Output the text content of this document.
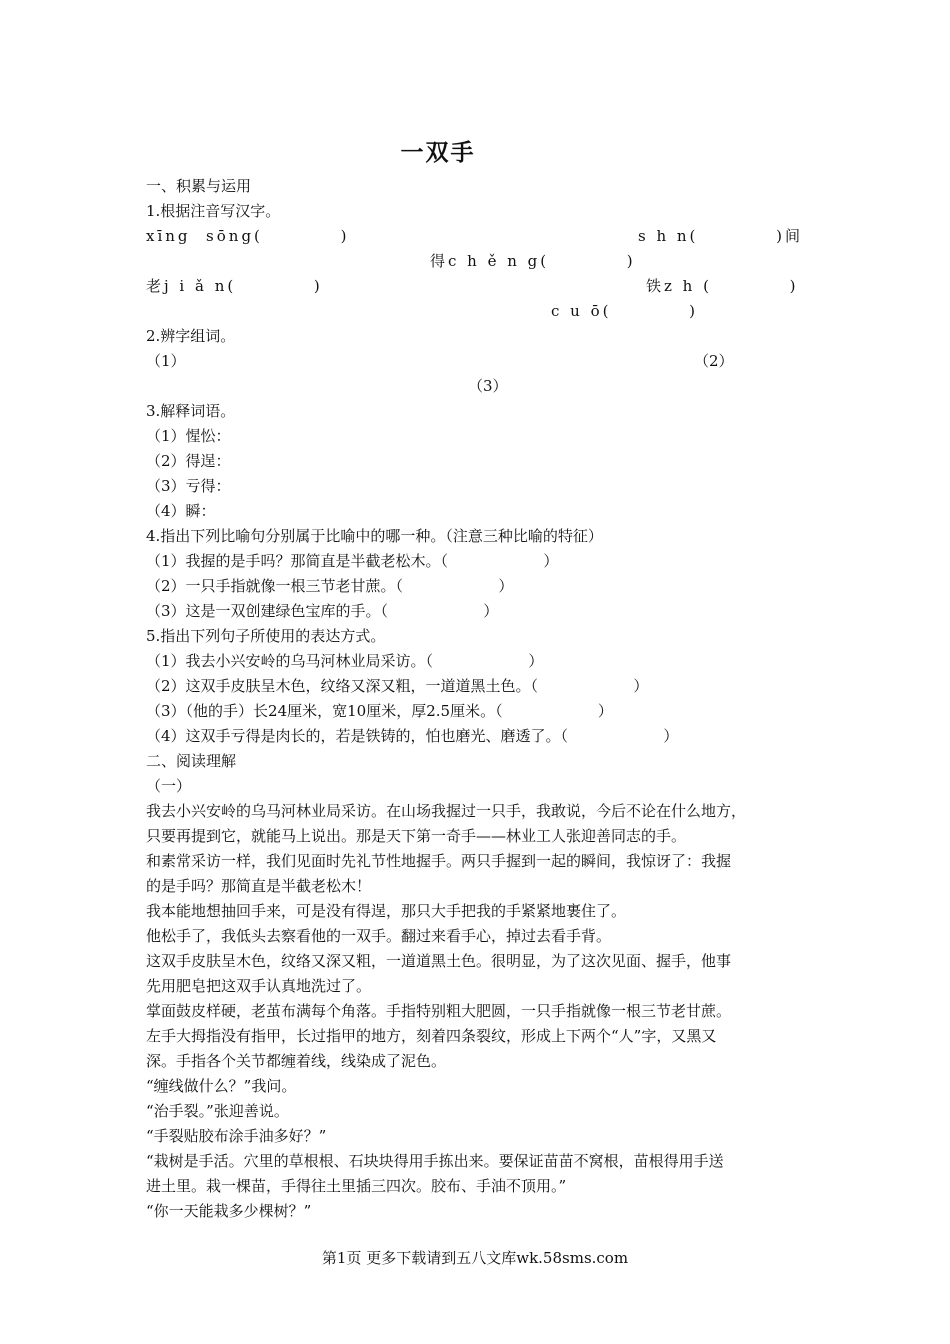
一双手
一、积累与运用
1.根据注音写汉字。
xīng  sōng(          )	s h n(          )间
得c h ě n g(          )
老j i ǎ n(          )	铁z h (          )
c u ō(          )
2.辨字组词。
（1）	（2）
（3）
3.解释词语。
（1）惺忪：
（2）得逞：
（3）亏得：
（4）瞬：
4.指出下列比喻句分别属于比喻中的哪一种。（注意三种比喻的特征）
（1）我握的是手吗？那简直是半截老松木。（                    ）
（2）一只手指就像一根三节老甘蔗。（                    ）
（3）这是一双创建绿色宝库的手。（                    ）
5.指出下列句子所使用的表达方式。
（1）我去小兴安岭的乌马河林业局采访。（                    ）
（2）这双手皮肤呈木色，纹络又深又粗，一道道黑土色。（                    ）
（3）（他的手）长24厘米，宽10厘米，厚2.5厘米。（                    ）
（4）这双手亏得是肉长的，若是铁铸的，怕也磨光、磨透了。（                    ）
二、阅读理解
（一）
我去小兴安岭的乌马河林业局采访。在山场我握过一只手，我敢说，今后不论在什么地方，
只要再提到它，就能马上说出。那是天下第一奇手——林业工人张迎善同志的手。
和素常采访一样，我们见面时先礼节性地握手。两只手握到一起的瞬间，我惊讶了：我握
的是手吗？那简直是半截老松木！
我本能地想抽回手来，可是没有得逞，那只大手把我的手紧紧地裹住了。
他松手了，我低头去察看他的一双手。翻过来看手心，掉过去看手背。
这双手皮肤呈木色，纹络又深又粗，一道道黑土色。很明显，为了这次见面、握手，他事
先用肥皂把这双手认真地洗过了。
掌面鼓皮样硬，老茧布满每个角落。手指特别粗大肥圆，一只手指就像一根三节老甘蔗。
左手大拇指没有指甲，长过指甲的地方，刻着四条裂纹，形成上下两个“人”字，又黑又
深。手指各个关节都缠着线，线染成了泥色。
“缠线做什么？”我问。
“治手裂。”张迎善说。
“手裂贴胶布涂手油多好？”
“栽树是手活。穴里的草根根、石块块得用手拣出来。要保证苗苗不窝根，苗根得用手送
进土里。栽一棵苗，手得往土里插三四次。胶布、手油不顶用。”
“你一天能栽多少棵树？”
第1页 更多下载请到五八文库wk.58sms.com
